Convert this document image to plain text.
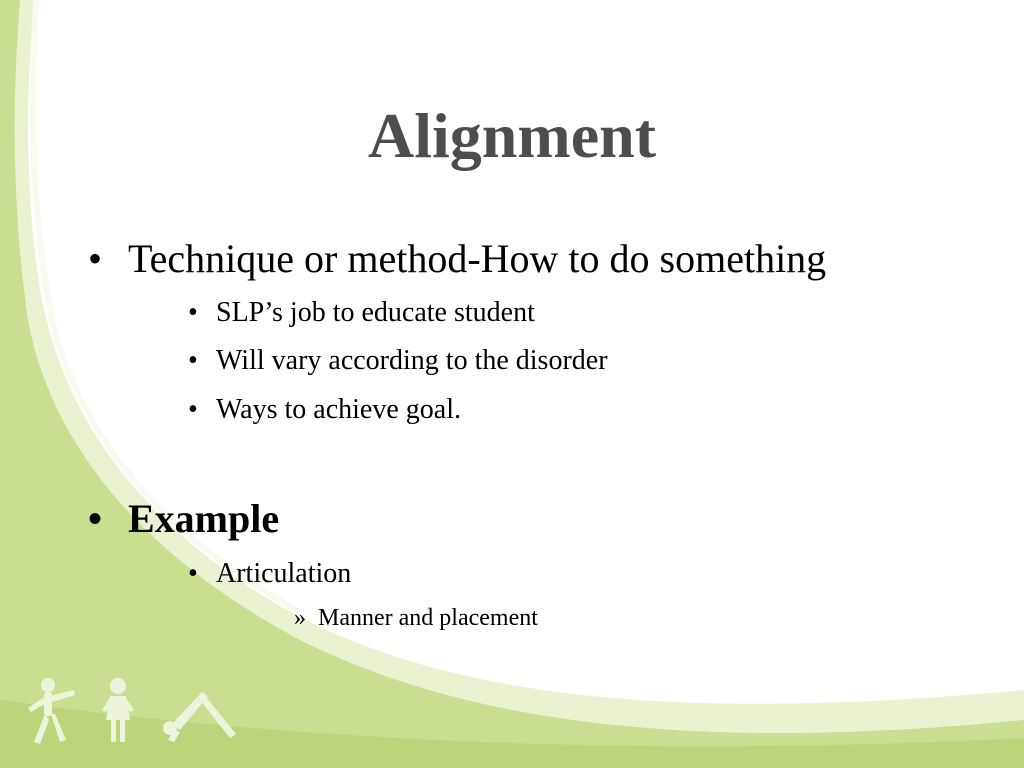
Alignment
• Technique or method-How to do something
• SLP’s job to educate student
• Will vary according to the disorder
• Ways to achieve goal.
• Example
• Articulation
» Manner and placement
